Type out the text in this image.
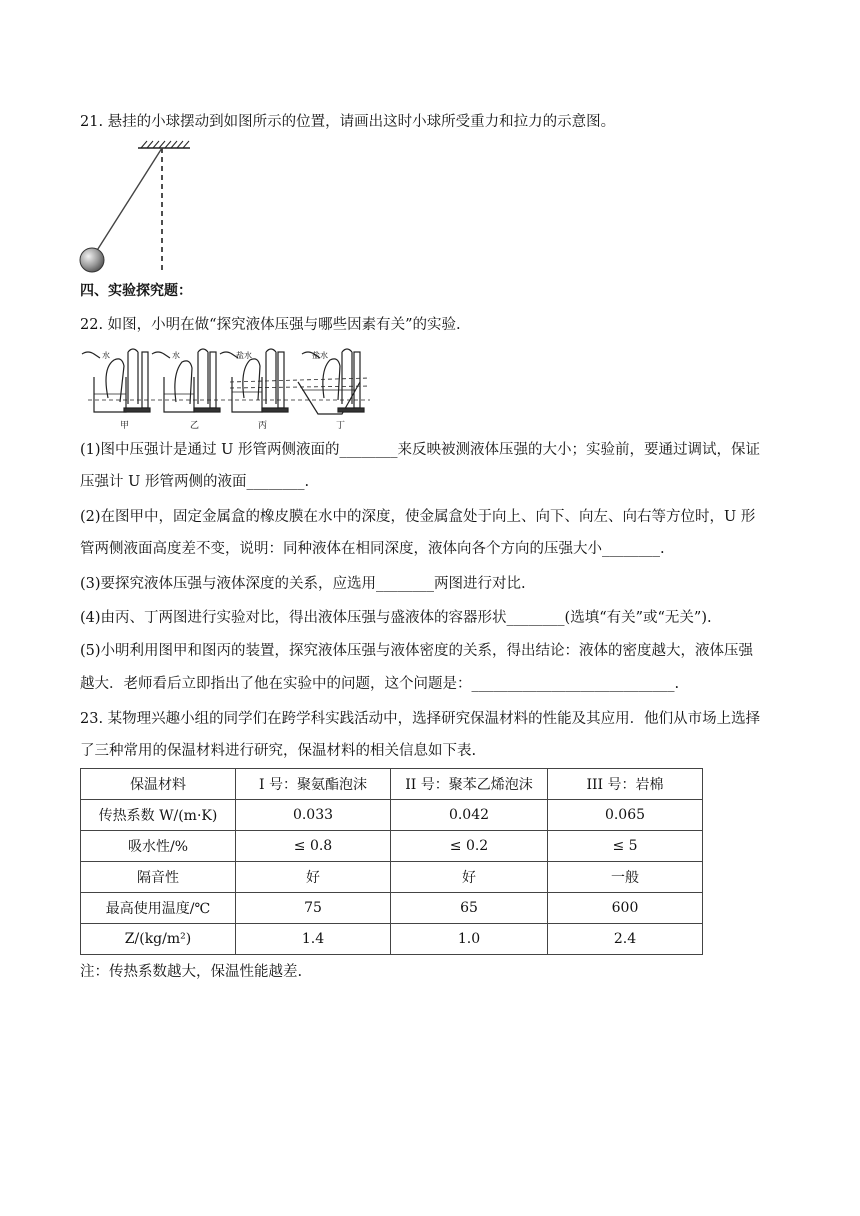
21. 悬挂的小球摆动到如图所示的位置，请画出这时小球所受重力和拉力的示意图。
四、实验探究题：
22. 如图，小明在做“探究液体压强与哪些因素有关”的实验.
水	水	盐水	盐水
甲	乙	丙	丁
(1)图中压强计是通过 U 形管两侧液面的________来反映被测液体压强的大小；实验前，要通过调试，保证
压强计 U 形管两侧的液面________.
(2)在图甲中，固定金属盒的橡皮膜在水中的深度，使金属盒处于向上、向下、向左、向右等方位时，U 形
管两侧液面高度差不变，说明：同种液体在相同深度，液体向各个方向的压强大小________.
(3)要探究液体压强与液体深度的关系，应选用________两图进行对比.
(4)由丙、丁两图进行实验对比，得出液体压强与盛液体的容器形状________(选填“有关”或“无关”).
(5)小明利用图甲和图丙的装置，探究液体压强与液体密度的关系，得出结论：液体的密度越大，液体压强
越大．老师看后立即指出了他在实验中的问题，这个问题是：____________________________.
23. 某物理兴趣小组的同学们在跨学科实践活动中，选择研究保温材料的性能及其应用．他们从市场上选择
了三种常用的保温材料进行研究，保温材料的相关信息如下表.
保温材料	I 号：聚氨酯泡沫	II 号：聚苯乙烯泡沫	III 号：岩棉
传热系数 W/(m·K)	0.033	0.042	0.065
吸水性/%	≤ 0.8	≤ 0.2	≤ 5
隔音性	好	好	一般
最高使用温度/℃	75	65	600
Z/(kg/m²)	1.4	1.0	2.4
注：传热系数越大，保温性能越差.
